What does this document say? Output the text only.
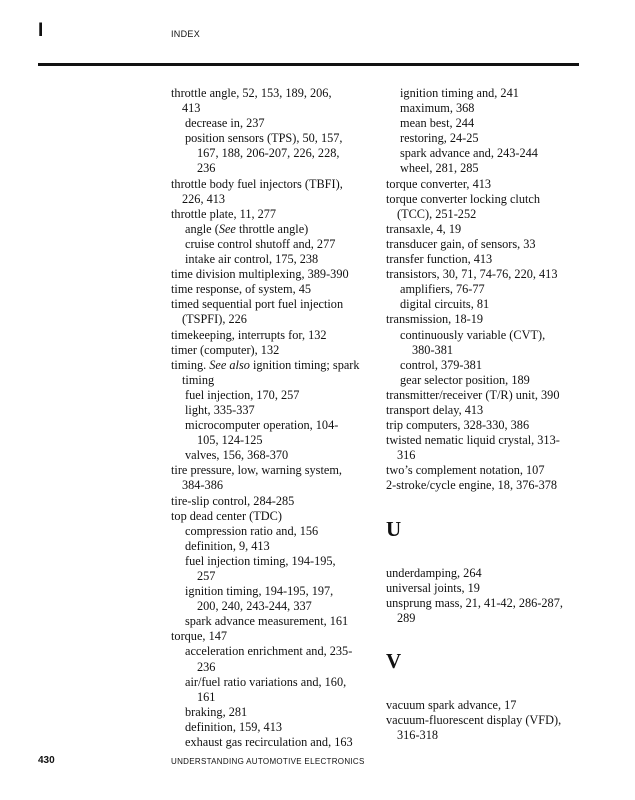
I	INDEX
throttle angle, 52, 153, 189, 206,
413
decrease in, 237
position sensors (TPS), 50, 157,
167, 188, 206-207, 226, 228,
236
throttle body fuel injectors (TBFI),
226, 413
throttle plate, 11, 277
angle (See throttle angle)
cruise control shutoff and, 277
intake air control, 175, 238
time division multiplexing, 389-390
time response, of system, 45
timed sequential port fuel injection
(TSPFI), 226
timekeeping, interrupts for, 132
timer (computer), 132
timing. See also ignition timing; spark
timing
fuel injection, 170, 257
light, 335-337
microcomputer operation, 104-
105, 124-125
valves, 156, 368-370
tire pressure, low, warning system,
384-386
tire-slip control, 284-285
top dead center (TDC)
compression ratio and, 156
definition, 9, 413
fuel injection timing, 194-195,
257
ignition timing, 194-195, 197,
200, 240, 243-244, 337
spark advance measurement, 161
torque, 147
acceleration enrichment and, 235-
236
air/fuel ratio variations and, 160,
161
braking, 281
definition, 159, 413
exhaust gas recirculation and, 163
ignition timing and, 241
maximum, 368
mean best, 244
restoring, 24-25
spark advance and, 243-244
wheel, 281, 285
torque converter, 413
torque converter locking clutch
(TCC), 251-252
transaxle, 4, 19
transducer gain, of sensors, 33
transfer function, 413
transistors, 30, 71, 74-76, 220, 413
amplifiers, 76-77
digital circuits, 81
transmission, 18-19
continuously variable (CVT),
380-381
control, 379-381
gear selector position, 189
transmitter/receiver (T/R) unit, 390
transport delay, 413
trip computers, 328-330, 386
twisted nematic liquid crystal, 313-
316
two’s complement notation, 107
2-stroke/cycle engine, 18, 376-378
U
underdamping, 264
universal joints, 19
unsprung mass, 21, 41-42, 286-287,
289
V
vacuum spark advance, 17
vacuum-fluorescent display (VFD),
316-318
430	UNDERSTANDING AUTOMOTIVE ELECTRONICS
